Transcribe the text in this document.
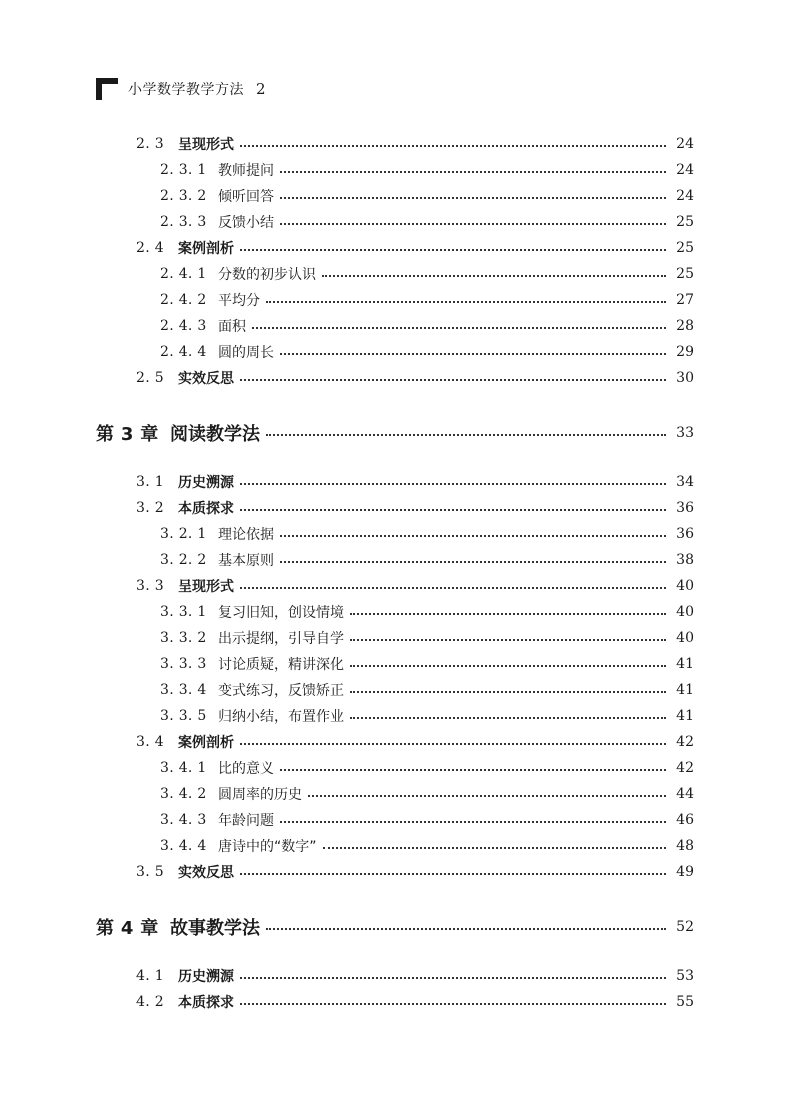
小学数学教学方法 2
2. 3	呈现形式	24
2. 3. 1 教师提问	24
2. 3. 2 倾听回答	24
2. 3. 3 反馈小结	25
2. 4	案例剖析	25
2. 4. 1 分数的初步认识	25
2. 4. 2 平均分	27
2. 4. 3 面积	28
2. 4. 4 圆的周长	29
2. 5	实效反思	30
第 3 章 阅读教学法	33
3. 1	历史溯源	34
3. 2	本质探求	36
3. 2. 1 理论依据	36
3. 2. 2 基本原则	38
3. 3	呈现形式	40
3. 3. 1 复习旧知，创设情境	40
3. 3. 2 出示提纲，引导自学	40
3. 3. 3 讨论质疑，精讲深化	41
3. 3. 4 变式练习，反馈矫正	41
3. 3. 5 归纳小结，布置作业	41
3. 4	案例剖析	42
3. 4. 1 比的意义	42
3. 4. 2 圆周率的历史	44
3. 4. 3 年龄问题	46
3. 4. 4 唐诗中的“数字”	48
3. 5	实效反思	49
第 4 章 故事教学法	52
4. 1	历史溯源	53
4. 2	本质探求	55
